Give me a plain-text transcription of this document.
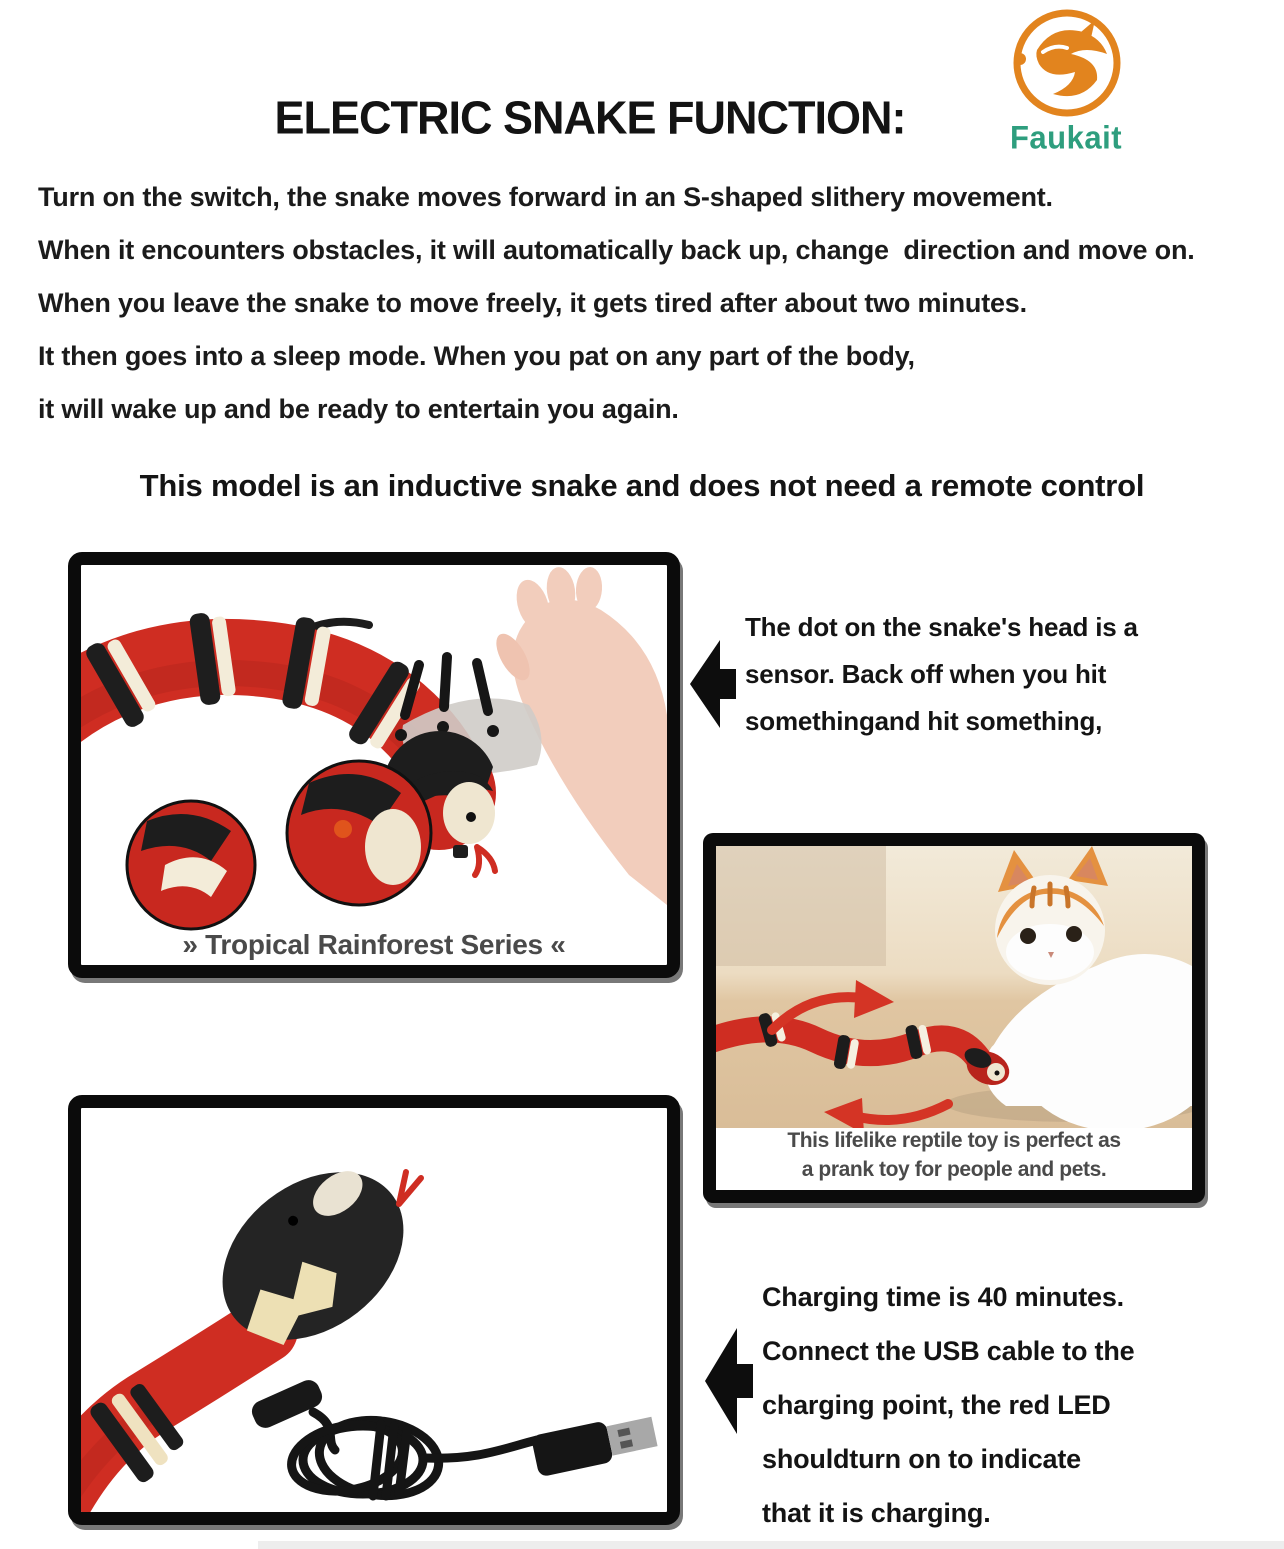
ELECTRIC SNAKE FUNCTION:	Faukait
Turn on the switch, the snake moves forward in an S-shaped slithery movement.
When it encounters obstacles, it will automatically back up, change  direction and move on.
When you leave the snake to move freely, it gets tired after about two minutes.
It then goes into a sleep mode. When you pat on any part of the body,
it will wake up and be ready to entertain you again.
This model is an inductive snake and does not need a remote control
» Tropical Rainforest Series «
The dot on the snake's head is a
sensor. Back off when you hit
somethingand hit something,
This lifelike reptile toy is perfect as
a prank toy for people and pets.
Charging time is 40 minutes.
Connect the USB cable to the
charging point, the red LED
shouldturn on to indicate
that it is charging.
